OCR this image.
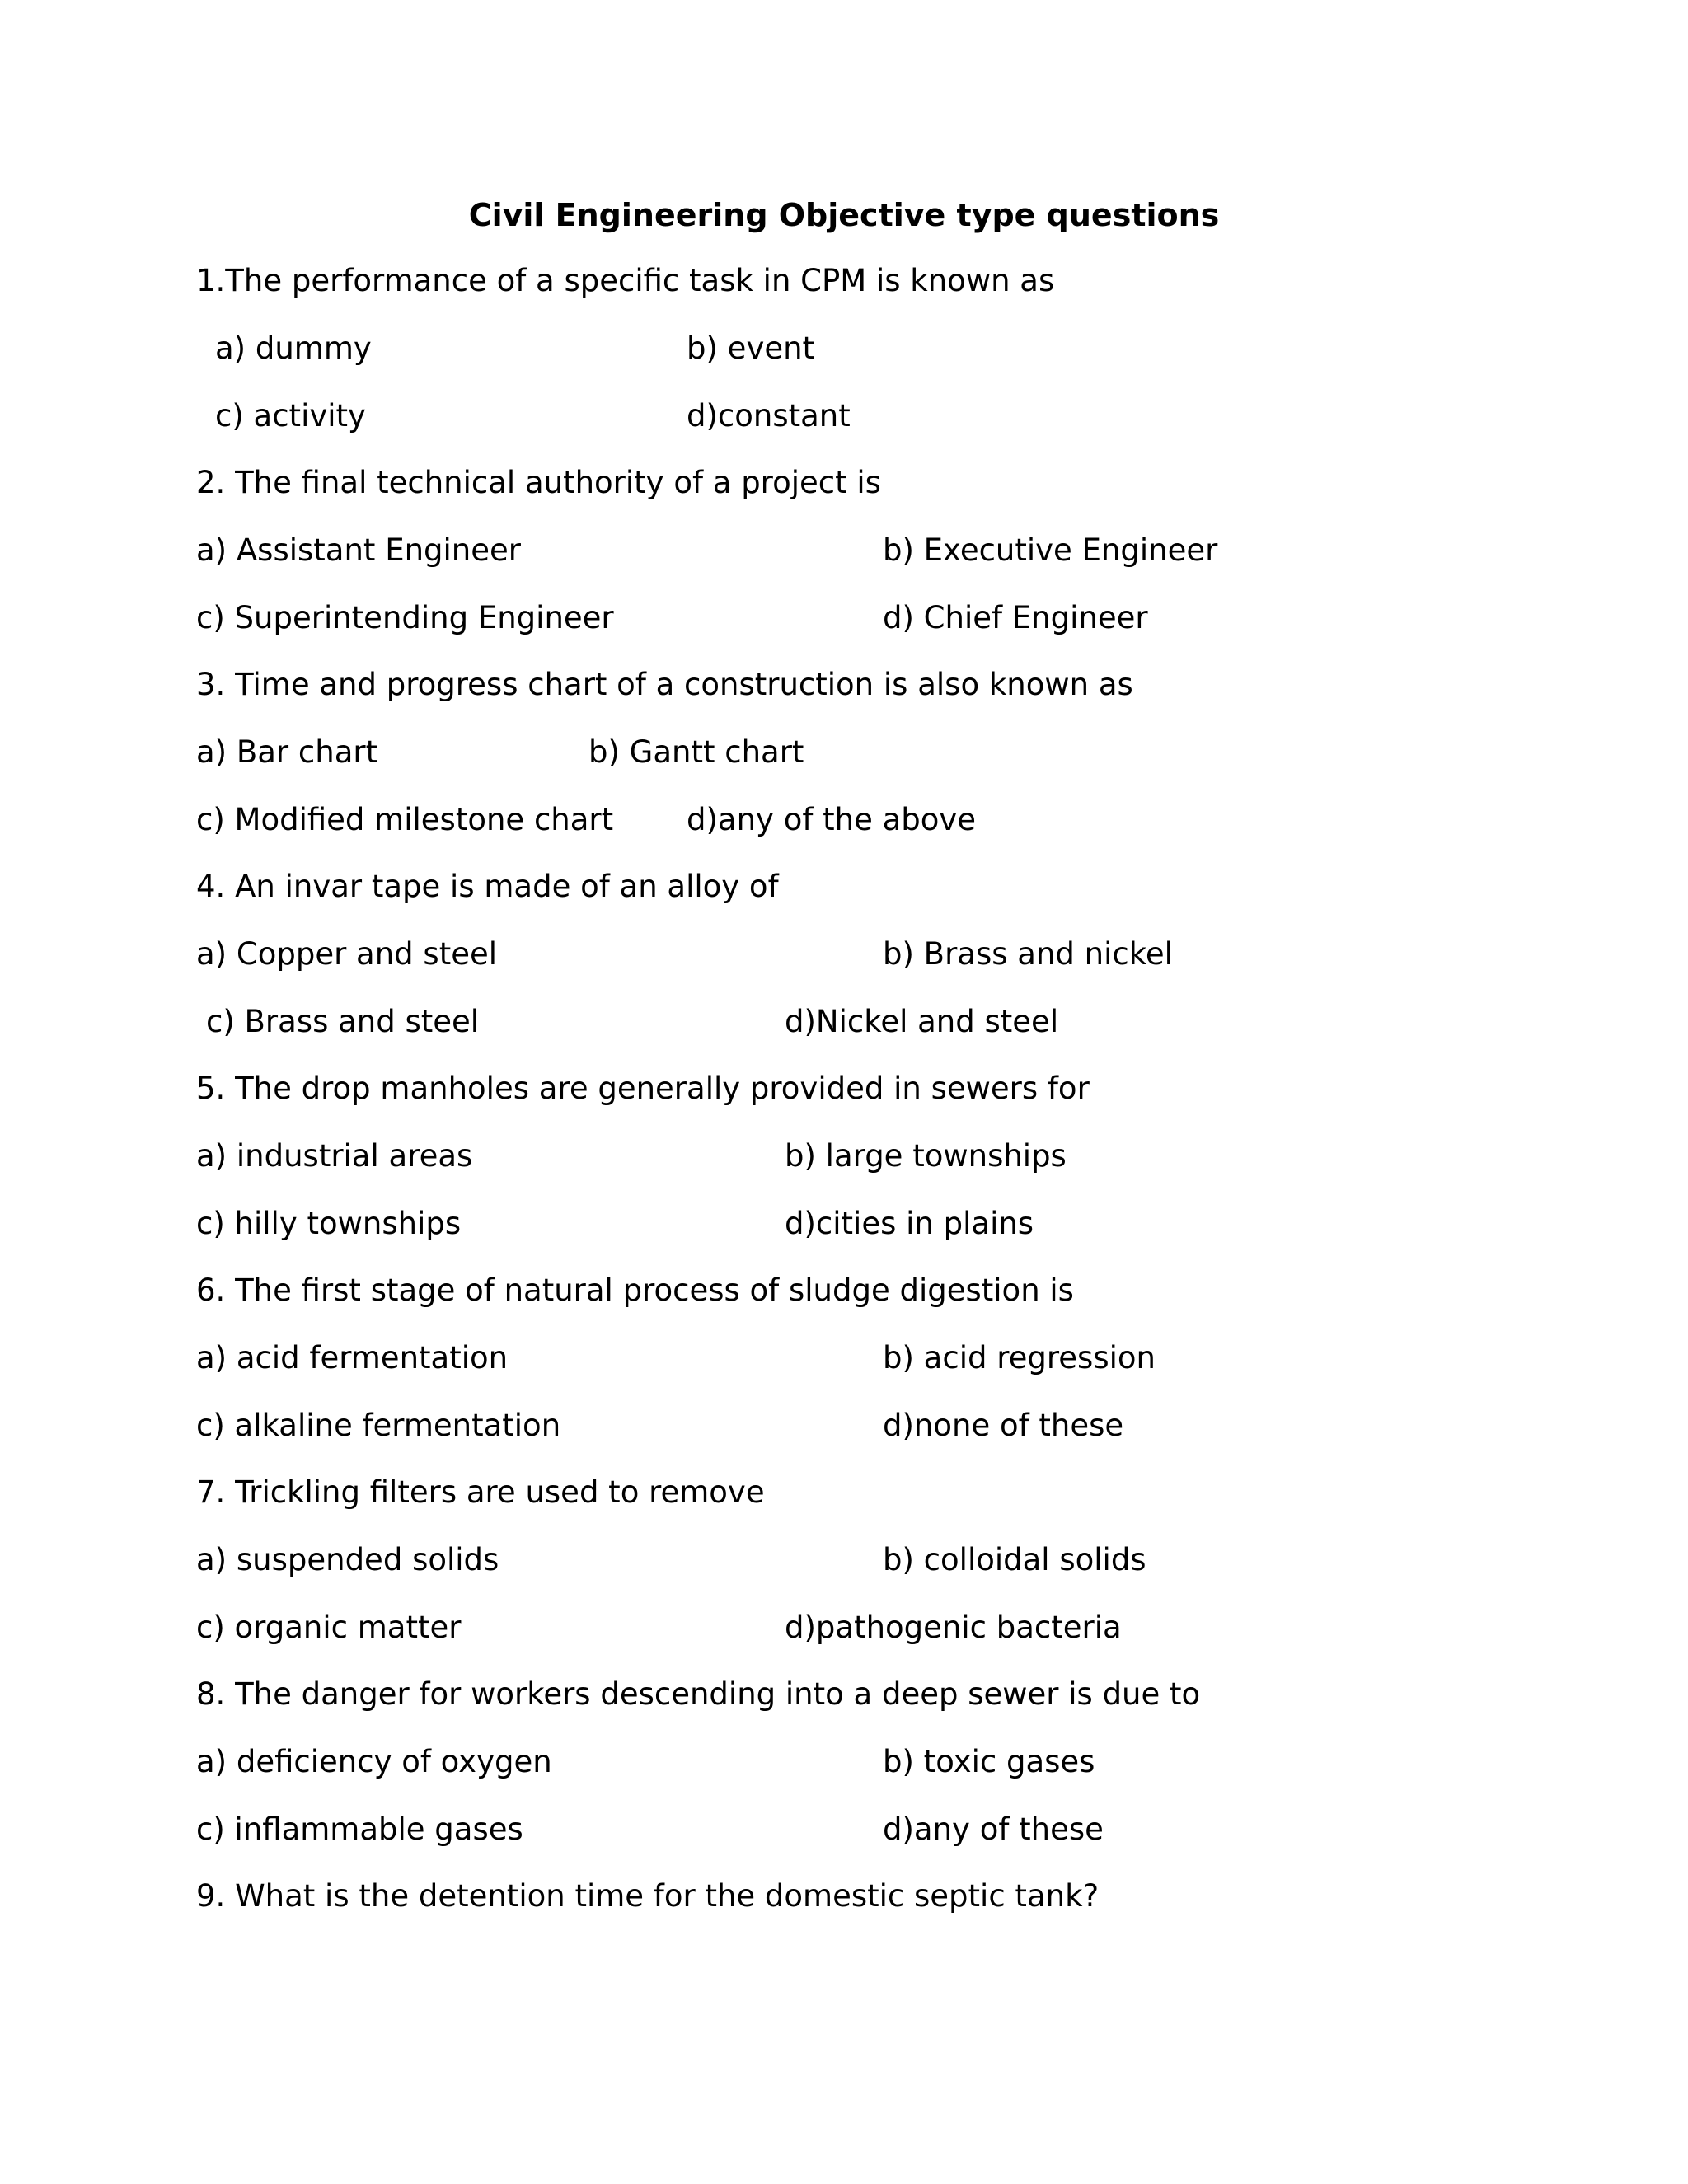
Civil Engineering Objective type questions
1.The performance of a specific task in CPM is known as
a) dummy	b) event
c) activity	d)constant
2. The final technical authority of a project is
a) Assistant Engineer	b) Executive Engineer
c) Superintending Engineer	d) Chief Engineer
3. Time and progress chart of a construction is also known as
a) Bar chart	b) Gantt chart
c) Modified milestone chart d)any of the above
4. An invar tape is made of an alloy of
a) Copper and steel	b) Brass and nickel
c) Brass and steel	d)Nickel and steel
5. The drop manholes are generally provided in sewers for
a) industrial areas	b) large townships
c) hilly townships	d)cities in plains
6. The first stage of natural process of sludge digestion is
a) acid fermentation	b) acid regression
c) alkaline fermentation	d)none of these
7. Trickling filters are used to remove
a) suspended solids	b) colloidal solids
c) organic matter	d)pathogenic bacteria
8. The danger for workers descending into a deep sewer is due to
a) deficiency of oxygen	b) toxic gases
c) inflammable gases	d)any of these
9. What is the detention time for the domestic septic tank?
